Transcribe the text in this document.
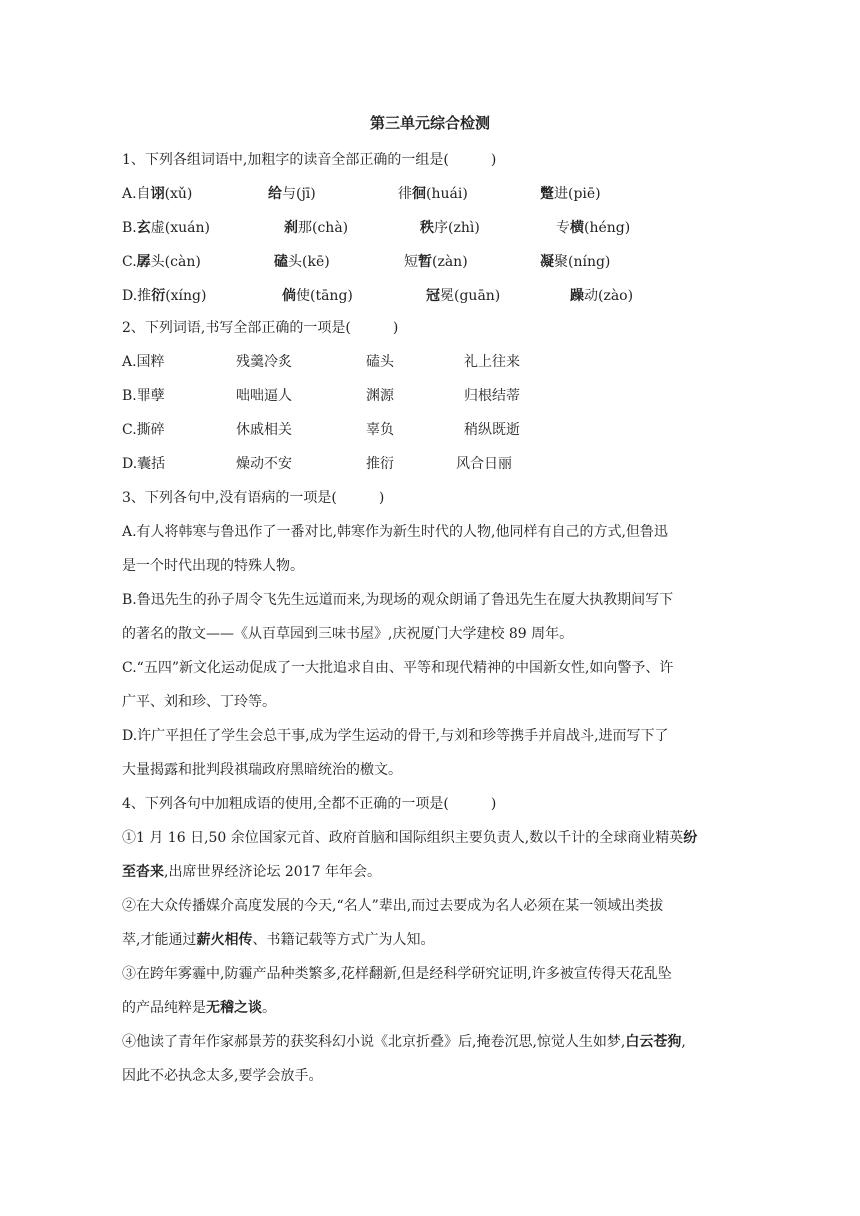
第三单元综合检测
1、下列各组词语中,加粗字的读音全部正确的一组是(　　　)
A.自诩(xǔ)	给与(jī)	徘徊(huái)	蹩进(piē)
B.玄虚(xuán)	刹那(chà)	秩序(zhì)	专横(héng)
C.孱头(càn)	磕头(kē)	短暂(zàn)	凝聚(níng)
D.推衍(xíng)	倘使(tāng)	冠冕(guān)	躁动(zào)
2、下列词语,书写全部正确的一项是(　　　)
A.国粹	残羹冷炙	磕头	礼上往来
B.罪孽	咄咄逼人	渊源	归根结蒂
C.撕碎	休戚相关	辜负	稍纵既逝
D.囊括	燥动不安	推衍	风合日丽
3、下列各句中,没有语病的一项是(　　　)
A.有人将韩寒与鲁迅作了一番对比,韩寒作为新生时代的人物,他同样有自己的方式,但鲁迅
是一个时代出现的特殊人物。
B.鲁迅先生的孙子周令飞先生远道而来,为现场的观众朗诵了鲁迅先生在厦大执教期间写下
的著名的散文——《从百草园到三味书屋》,庆祝厦门大学建校 89 周年。
C.“五四”新文化运动促成了一大批追求自由、平等和现代精神的中国新女性,如向警予、许
广平、刘和珍、丁玲等。
D.许广平担任了学生会总干事,成为学生运动的骨干,与刘和珍等携手并肩战斗,进而写下了
大量揭露和批判段祺瑞政府黑暗统治的檄文。
4、下列各句中加粗成语的使用,全都不正确的一项是(　　　)
①1 月 16 日,50 余位国家元首、政府首脑和国际组织主要负责人,数以千计的全球商业精英纷
至沓来,出席世界经济论坛 2017 年年会。
②在大众传播媒介高度发展的今天,“名人”辈出,而过去要成为名人必须在某一领域出类拔
萃,才能通过薪火相传、书籍记载等方式广为人知。
③在跨年雾霾中,防霾产品种类繁多,花样翻新,但是经科学研究证明,许多被宣传得天花乱坠
的产品纯粹是无稽之谈。
④他读了青年作家郝景芳的获奖科幻小说《北京折叠》后,掩卷沉思,惊觉人生如梦,白云苍狗,
因此不必执念太多,要学会放手。
